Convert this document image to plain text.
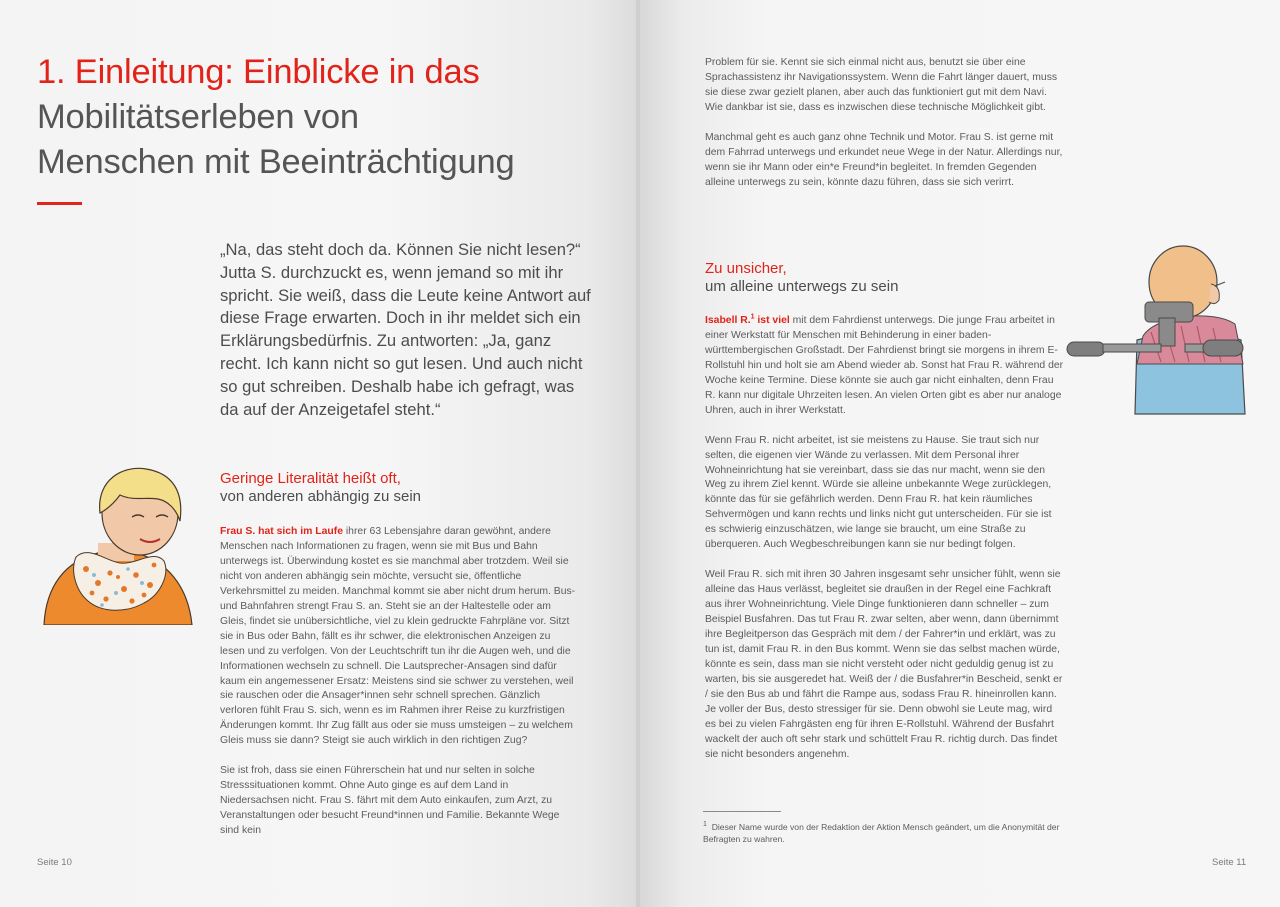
1. Einleitung: Einblicke in das
Mobilitätserleben von
Menschen mit Beeinträchtigung

„Na, das steht doch da. Können Sie nicht lesen?“ Jutta S. durchzuckt es, wenn jemand so mit ihr spricht. Sie weiß, dass die Leute keine Antwort auf diese Frage erwarten. Doch in ihr meldet sich ein Erklärungsbedürfnis. Zu antworten: „Ja, ganz recht. Ich kann nicht so gut lesen. Und auch nicht so gut schreiben. Deshalb habe ich gefragt, was da auf der Anzeigetafel steht.“

Geringe Literalität heißt oft,
von anderen abhängig zu sein

Frau S. hat sich im Laufe ihrer 63 Lebensjahre daran gewöhnt, andere Menschen nach Informationen zu fragen, wenn sie mit Bus und Bahn unterwegs ist. Überwindung kostet es sie manchmal aber trotzdem. Weil sie nicht von anderen abhängig sein möchte, versucht sie, öffentliche Verkehrsmittel zu meiden. Manchmal kommt sie aber nicht drum herum. Bus- und Bahnfahren strengt Frau S. an. Steht sie an der Haltestelle oder am Gleis, findet sie unübersichtliche, viel zu klein gedruckte Fahrpläne vor. Sitzt sie in Bus oder Bahn, fällt es ihr schwer, die elektronischen Anzeigen zu lesen und zu verfolgen. Von der Leuchtschrift tun ihr die Augen weh, und die Informationen wechseln zu schnell. Die Lautsprecher-Ansagen sind dafür kaum ein angemessener Ersatz: Meistens sind sie schwer zu verstehen, weil sie rauschen oder die Ansager*innen sehr schnell sprechen. Gänzlich verloren fühlt Frau S. sich, wenn es im Rahmen ihrer Reise zu kurzfristigen Änderungen kommt. Ihr Zug fällt aus oder sie muss umsteigen – zu welchem Gleis muss sie dann? Steigt sie auch wirklich in den richtigen Zug?

Sie ist froh, dass sie einen Führerschein hat und nur selten in solche Stresssituationen kommt. Ohne Auto ginge es auf dem Land in Niedersachsen nicht. Frau S. fährt mit dem Auto einkaufen, zum Arzt, zu Veranstaltungen oder besucht Freund*innen und Familie. Bekannte Wege sind kein

Seite 10

Problem für sie. Kennt sie sich einmal nicht aus, benutzt sie über eine Sprachassistenz ihr Navigationssystem. Wenn die Fahrt länger dauert, muss sie diese zwar gezielt planen, aber auch das funktioniert gut mit dem Navi. Wie dankbar ist sie, dass es inzwischen diese technische Möglichkeit gibt.

Manchmal geht es auch ganz ohne Technik und Motor. Frau S. ist gerne mit dem Fahrrad unterwegs und erkundet neue Wege in der Natur. Allerdings nur, wenn sie ihr Mann oder ein*e Freund*in begleitet. In fremden Gegenden alleine unterwegs zu sein, könnte dazu führen, dass sie sich verirrt.

Zu unsicher,
um alleine unterwegs zu sein

Isabell R.$^1$ ist viel mit dem Fahrdienst unterwegs. Die junge Frau arbeitet in einer Werkstatt für Menschen mit Behinderung in einer baden-württembergischen Großstadt. Der Fahrdienst bringt sie morgens in ihrem E-Rollstuhl hin und holt sie am Abend wieder ab. Sonst hat Frau R. während der Woche keine Termine. Diese könnte sie auch gar nicht einhalten, denn Frau R. kann nur digitale Uhrzeiten lesen. An vielen Orten gibt es aber nur analoge Uhren, auch in ihrer Werkstatt.

Wenn Frau R. nicht arbeitet, ist sie meistens zu Hause. Sie traut sich nur selten, die eigenen vier Wände zu verlassen. Mit dem Personal ihrer Wohneinrichtung hat sie vereinbart, dass sie das nur macht, wenn sie den Weg zu ihrem Ziel kennt. Würde sie alleine unbekannte Wege zurücklegen, könnte das für sie gefährlich werden. Denn Frau R. hat kein räumliches Sehvermögen und kann rechts und links nicht gut unterscheiden. Für sie ist es schwierig einzuschätzen, wie lange sie braucht, um eine Straße zu überqueren. Auch Wegbeschreibungen kann sie nur bedingt folgen.

Weil Frau R. sich mit ihren 30 Jahren insgesamt sehr unsicher fühlt, wenn sie alleine das Haus verlässt, begleitet sie draußen in der Regel eine Fachkraft aus ihrer Wohneinrichtung. Viele Dinge funktionieren dann schneller – zum Beispiel Busfahren. Das tut Frau R. zwar selten, aber wenn, dann übernimmt ihre Begleitperson das Gespräch mit dem / der Fahrer*in und erklärt, was zu tun ist, damit Frau R. in den Bus kommt. Wenn sie das selbst machen würde, könnte es sein, dass man sie nicht versteht oder nicht geduldig genug ist zu warten, bis sie ausgeredet hat. Weiß der / die Busfahrer*in Bescheid, senkt er / sie den Bus ab und fährt die Rampe aus, sodass Frau R. hineinrollen kann. Je voller der Bus, desto stressiger für sie. Denn obwohl sie Leute mag, wird es bei zu vielen Fahrgästen eng für ihren E-Rollstuhl. Während der Busfahrt wackelt der auch oft sehr stark und schüttelt Frau R. richtig durch. Das findet sie nicht besonders angenehm.

$^1$ Dieser Name wurde von der Redaktion der Aktion Mensch geändert, um die Anonymität der Befragten zu wahren.

Seite 11
